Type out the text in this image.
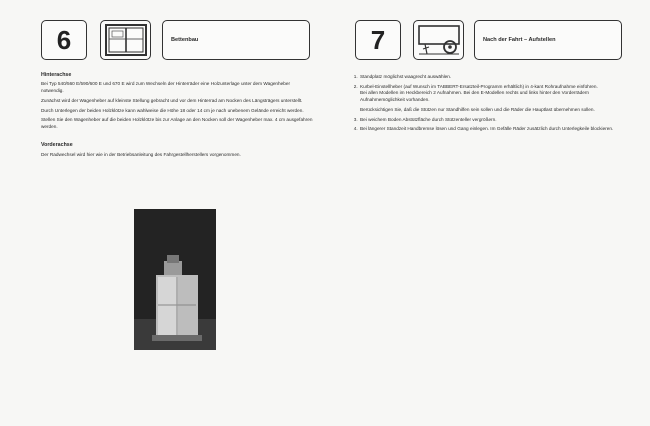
6	Bettenbau	7	Nach der Fahrt – Aufstellen
Hinterachse

Bei Typ 540/560 E/590/600 E und 670 E wird zum Wechseln der Hinterräder eine Holzunterlage unter dem Wagenheber notwendig.

Zunächst wird der Wagenheber auf kleinste Stellung gebracht und vor dem Hinterrad am Nocken des Längsträgers unterstellt.

Durch Unterlegen der beiden Holzklötze kann wahlweise die Höhe 18 oder 14 cm je nach unebenem Gelände erreicht werden.

Stellen Sie den Wagenheber auf die beiden Holzklötze bis zur Anlage an den Nocken soll der Wagenheber max. 4 cm ausgefahren werden.

Vorderachse

Der Radwechsel wird hier wie in der Betriebsanleitung des Fahrgestellherstellers vorgenommen.

1. Standplatz möglichst waagrecht auswählen.
2. Kurbel-Einstellheber (auf Wunsch im TABBERT-Ersatzteil-Programm erhältlich) in 4-kant Rohraufnahme einführen.

Bei allen Modellen im Heckbereich 2 Aufnahmen. Bei den E-Modellen rechts und links hinter den Vorderrädern Aufnahmemöglichkeit vorhanden.

Berücksichtigen Sie, daß die Stützen nur Standhilfen sein sollen und die Räder die Hauptlast übernehmen sollen.

3. Bei weichem Boden Abstützfläche durch Stützenteller vergrößern.
4. Bei längerer Standzeit Handbremse lösen und Gang einlegen. Im Gefälle Räder zusätzlich durch Unterlegkeile blockieren.
